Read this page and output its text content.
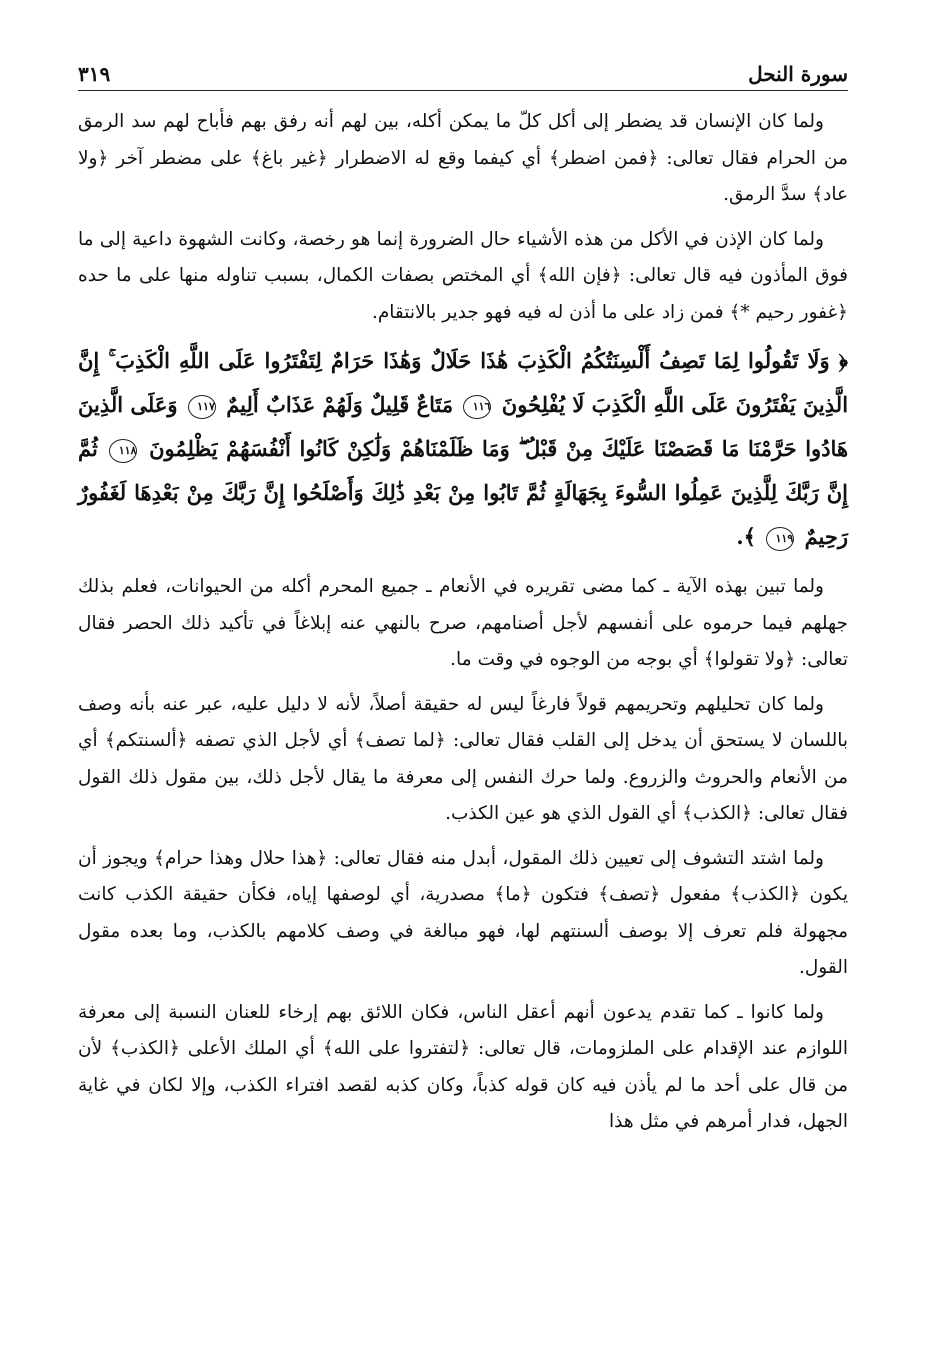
سورة النحل
٣١٩

ولما كان الإنسان قد يضطر إلى أكل كلّ ما يمكن أكله، بين لهم أنه رفق بهم فأباح لهم سد الرمق من الحرام فقال تعالى: ﴿فمن اضطر﴾ أي كيفما وقع له الاضطرار ﴿غير باغ﴾ على مضطر آخر ﴿ولا عاد﴾ سدَّ الرمق.

ولما كان الإذن في الأكل من هذه الأشياء حال الضرورة إنما هو رخصة، وكانت الشهوة داعية إلى ما فوق المأذون فيه قال تعالى: ﴿فإن الله﴾ أي المختص بصفات الكمال، بسبب تناوله منها على ما حده ﴿غفور رحيم *﴾ فمن زاد على ما أذن له فيه فهو جدير بالانتقام.

﴿ وَلَا تَقُولُوا لِمَا تَصِفُ أَلْسِنَتُكُمُ الْكَذِبَ هَٰذَا حَلَالٌ وَهَٰذَا حَرَامٌ لِتَفْتَرُوا عَلَى اللَّهِ الْكَذِبَ ۚ إِنَّ الَّذِينَ يَفْتَرُونَ عَلَى اللَّهِ الْكَذِبَ لَا يُفْلِحُونَ ١١٦ مَتَاعٌ قَلِيلٌ وَلَهُمْ عَذَابٌ أَلِيمٌ ١١٧ وَعَلَى الَّذِينَ هَادُوا حَرَّمْنَا مَا قَصَصْنَا عَلَيْكَ مِنْ قَبْلُ ۖ وَمَا ظَلَمْنَاهُمْ وَلَٰكِنْ كَانُوا أَنْفُسَهُمْ يَظْلِمُونَ ١١٨ ثُمَّ إِنَّ رَبَّكَ لِلَّذِينَ عَمِلُوا السُّوءَ بِجَهَالَةٍ ثُمَّ تَابُوا مِنْ بَعْدِ ذَٰلِكَ وَأَصْلَحُوا إِنَّ رَبَّكَ مِنْ بَعْدِهَا لَغَفُورٌ رَحِيمٌ ١١٩ ﴾.

ولما تبين بهذه الآية ـ كما مضى تقريره في الأنعام ـ جميع المحرم أكله من الحيوانات، فعلم بذلك جهلهم فيما حرموه على أنفسهم لأجل أصنامهم، صرح بالنهي عنه إبلاغاً في تأكيد ذلك الحصر فقال تعالى: ﴿ولا تقولوا﴾ أي بوجه من الوجوه في وقت ما.

ولما كان تحليلهم وتحريمهم قولاً فارغاً ليس له حقيقة أصلاً، لأنه لا دليل عليه، عبر عنه بأنه وصف باللسان لا يستحق أن يدخل إلى القلب فقال تعالى: ﴿لما تصف﴾ أي لأجل الذي تصفه ﴿ألسنتكم﴾ أي من الأنعام والحروث والزروع. ولما حرك النفس إلى معرفة ما يقال لأجل ذلك، بين مقول ذلك القول فقال تعالى: ﴿الكذب﴾ أي القول الذي هو عين الكذب.

ولما اشتد التشوف إلى تعيين ذلك المقول، أبدل منه فقال تعالى: ﴿هذا حلال وهذا حرام﴾ ويجوز أن يكون ﴿الكذب﴾ مفعول ﴿تصف﴾ فتكون ﴿ما﴾ مصدرية، أي لوصفها إياه، فكأن حقيقة الكذب كانت مجهولة فلم تعرف إلا بوصف ألسنتهم لها، فهو مبالغة في وصف كلامهم بالكذب، وما بعده مقول القول.

ولما كانوا ـ كما تقدم يدعون أنهم أعقل الناس، فكان اللائق بهم إرخاء للعنان النسبة إلى معرفة اللوازم عند الإقدام على الملزومات، قال تعالى: ﴿لتفتروا على الله﴾ أي الملك الأعلى ﴿الكذب﴾ لأن من قال على أحد ما لم يأذن فيه كان قوله كذباً، وكان كذبه لقصد افتراء الكذب، وإلا لكان في غاية الجهل، فدار أمرهم في مثل هذا
